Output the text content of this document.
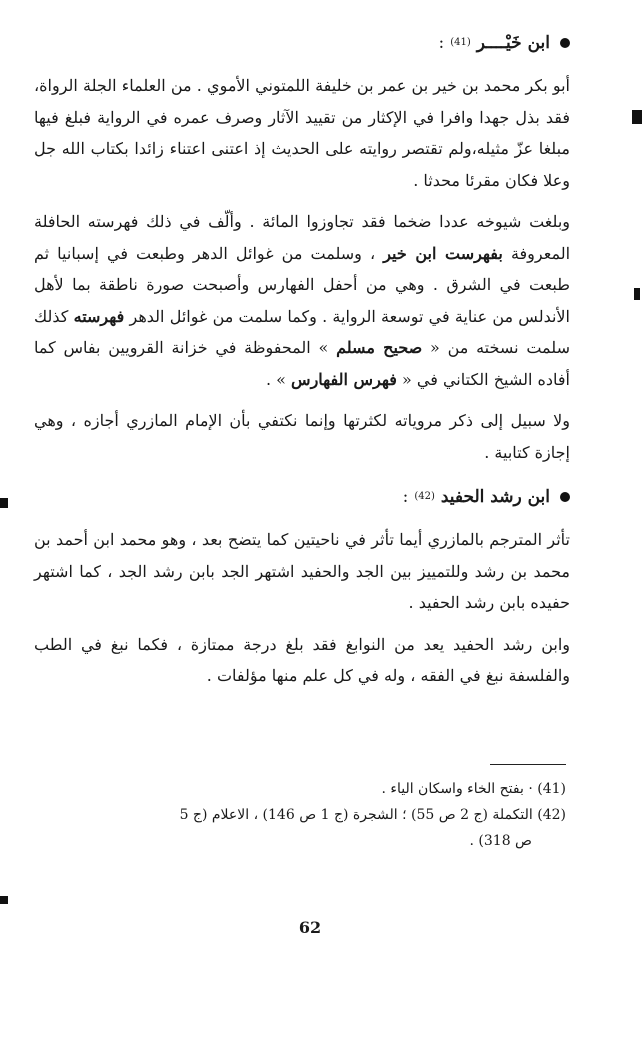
ابن خَيْــــر
(41)
:

أبو بكر محمد بن خير بن عمر بن خليفة اللمتوني الأموي . من العلماء الجلة الرواة، فقد بذل جهدا وافرا في الإكثار من تقييد الآثار وصرف عمره في الرواية فبلغ فيها مبلغا عزّ مثيله،ولم تقتصر روايته على الحديث إذ اعتنى اعتناء زائدا بكتاب الله جل وعلا فكان مقرئا محدثا .

وبلغت شيوخه عددا ضخما فقد تجاوزوا المائة . وألّف في ذلك فهرسته الحافلة المعروفة بفهرست ابن خير ، وسلمت من غوائل الدهر وطبعت في إسبانيا ثم طبعت في الشرق . وهي من أحفل الفهارس وأصبحت صورة ناطقة بما لأهل الأندلس من عناية في توسعة الرواية . وكما سلمت من غوائل الدهر فهرسته كذلك سلمت نسخته من « صحيح مسلم » المحفوظة في خزانة القرويين بفاس كما أفاده الشيخ الكتاني في « فهرس الفهارس » .

ولا سبيل إلى ذكر مروياته لكثرتها وإنما نكتفي بأن الإمام المازري أجازه ، وهي إجازة كتابية .

ابن رشد الحفيد
(42)
:

تأثر المترجم بالمازري أيما تأثر في ناحيتين كما يتضح بعد ، وهو محمد ابن أحمد بن محمد بن رشد وللتمييز بين الجد والحفيد اشتهر الجد بابن رشد الجد ، كما اشتهر حفيده بابن رشد الحفيد .

وابن رشد الحفيد يعد من النوابغ فقد بلغ درجة ممتازة ، فكما نبغ في الطب والفلسفة نبغ في الفقه ، وله في كل علم منها مؤلفات .

(41) · بفتح الخاء واسكان الياء .

(42) التكملة (ج 2 ص 55) ؛ الشجرة (ج 1 ص 146) ، الاعلام (ج 5

ص 318) .

62
